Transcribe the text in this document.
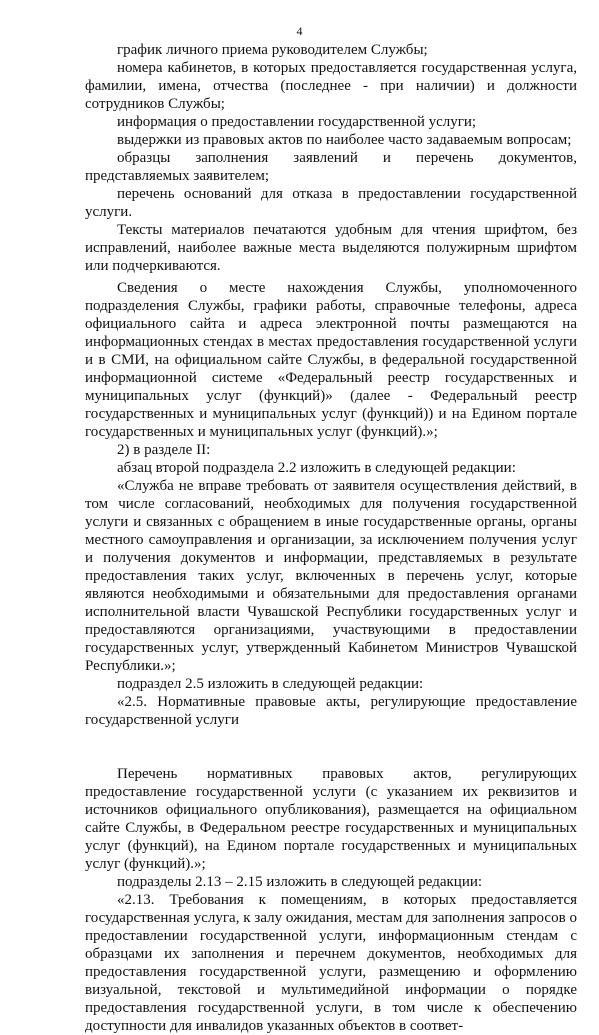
4

график личного приема руководителем Службы;

номера кабинетов, в которых предоставляется государственная услуга, фамилии, имена, отчества (последнее - при наличии) и должности сотрудников Службы;

информация о предоставлении государственной услуги;

выдержки из правовых актов по наиболее часто задаваемым вопросам;

образцы заполнения заявлений и перечень документов, представляемых заявителем;

перечень оснований для отказа в предоставлении государственной услуги.

Тексты материалов печатаются удобным для чтения шрифтом, без исправлений, наиболее важные места выделяются полужирным шрифтом или подчеркиваются.

Сведения о месте нахождения Службы, уполномоченного подразделения Службы, графики работы, справочные телефоны, адреса официального сайта и адреса электронной почты размещаются на информационных стендах в местах предоставления государственной услуги и в СМИ, на официальном сайте Службы, в федеральной государственной информационной системе «Федеральный реестр государственных и муниципальных услуг (функций)» (далее - Федеральный реестр государственных и муниципальных услуг (функций)) и на Едином портале государственных и муниципальных услуг (функций).»;

2) в разделе II:

абзац второй подраздела 2.2 изложить в следующей редакции:

«Служба не вправе требовать от заявителя осуществления действий, в том числе согласований, необходимых для получения государственной услуги и связанных с обращением в иные государственные органы, органы местного самоуправления и организации, за исключением получения услуг и получения документов и информации, представляемых в результате предоставления таких услуг, включенных в перечень услуг, которые являются необходимыми и обязательными для предоставления органами исполнительной власти Чувашской Республики государственных услуг и предоставляются организациями, участвующими в предоставлении государственных услуг, утвержденный Кабинетом Министров Чувашской Республики.»;

подраздел 2.5 изложить в следующей редакции:

«2.5. Нормативные правовые акты, регулирующие предоставление государственной услуги

Перечень нормативных правовых актов, регулирующих предоставление государственной услуги (с указанием их реквизитов и источников официального опубликования), размещается на официальном сайте Службы, в Федеральном реестре государственных и муниципальных услуг (функций), на Едином портале государственных и муниципальных услуг (функций).»;

подразделы 2.13 – 2.15 изложить в следующей редакции:

«2.13. Требования к помещениям, в которых предоставляется государственная услуга, к залу ожидания, местам для заполнения запросов о предоставлении государственной услуги, информационным стендам с образцами их заполнения и перечнем документов, необходимых для предоставления государственной услуги, размещению и оформлению визуальной, текстовой и мультимедийной информации о порядке предоставления государственной услуги, в том числе к обеспечению доступности для инвалидов указанных объектов в соответ-
